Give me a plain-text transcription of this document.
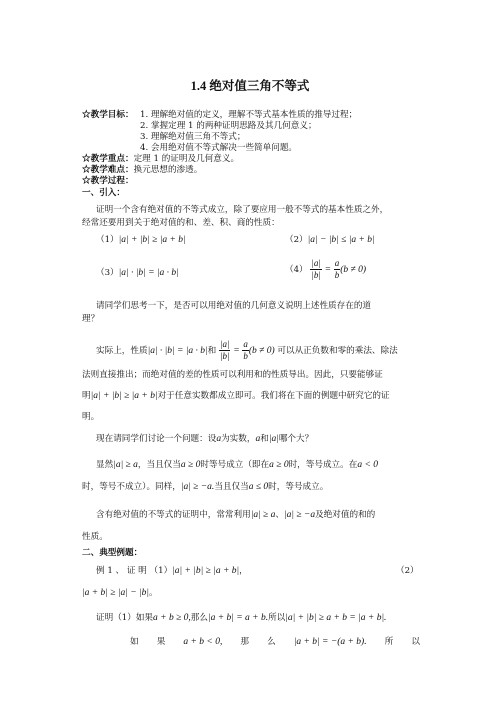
1.4 绝对值三角不等式
☆教学目标： 1. 理解绝对值的定义，理解不等式基本性质的推导过程；
2. 掌握定理 1 的两种证明思路及其几何意义；
3. 理解绝对值三角不等式；
4. 会用绝对值不等式解决一些简单问题。
☆教学重点：定理 1 的证明及几何意义。
☆教学难点：换元思想的渗透。
☆教学过程：
一、引入：
证明一个含有绝对值的不等式成立，除了要应用一般不等式的基本性质之外，
经常还要用到关于绝对值的和、差、积、商的性质：
（1）|a| + |b| ≥ |a + b|	（2）|a| − |b| ≤ |a + b|
（3）|a| · |b| = |a · b|	$(4) \frac{|a|}{|b|} = \frac{a}{b} (b \ne 0)$
请同学们思考一下，是否可以用绝对值的几何意义说明上述性质存在的道
理？
实际上，性质|a| · |b| = |a · b|和 $\frac{|a|}{|b|} = \frac{a}{b} (b \ne 0)$ 可以从正负数和零的乘法、除法
法则直接推出；而绝对值的差的性质可以利用和的性质导出。因此，只要能够证
明|a| + |b| ≥ |a + b|对于任意实数都成立即可。我们将在下面的例题中研究它的证
明。
现在请同学们讨论一个问题：设a为实数，a和|a|哪个大？
显然|a| ≥ a，当且仅当a ≥ 0时等号成立（即在a ≥ 0时，等号成立。在a < 0
时，等号不成立）。同样，|a| ≥ −a.当且仅当a ≤ 0时，等号成立。
含有绝对值的不等式的证明中，常常利用|a| ≥ a、|a| ≥ −a及绝对值的和的
性质。
二、典型例题：
例 1 、 证 明 （1）|a| + |b| ≥ |a + b|，	（2）
|a + b| ≥ |a| − |b|。
证明（1）如果a + b ≥ 0,那么|a + b| = a + b.所以|a| + |b| ≥ a + b = |a + b|.
如 果 a + b < 0, 那 么 |a + b| = −(a + b). 所 以
